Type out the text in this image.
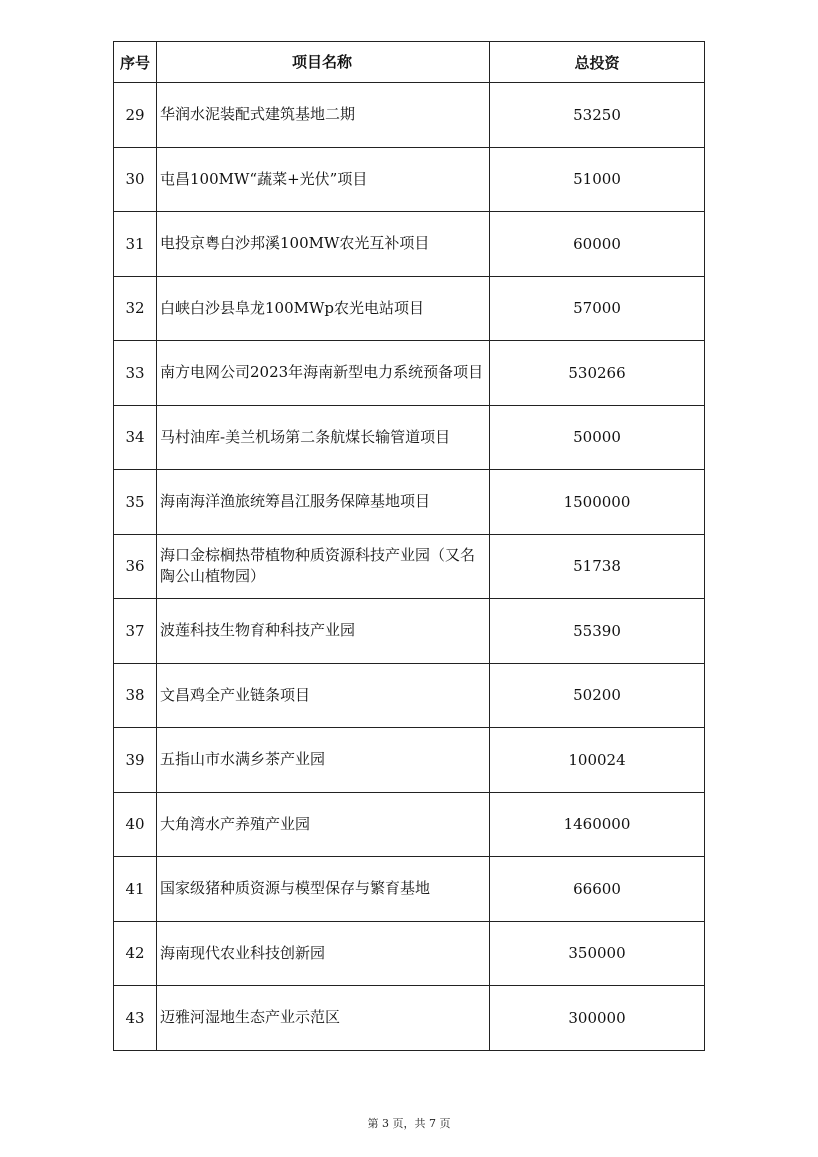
序号	项目名称	总投资
29	华润水泥装配式建筑基地二期	53250
30	屯昌100MW“蔬菜+光伏”项目	51000
31	电投京粤白沙邦溪100MW农光互补项目	60000
32	白峡白沙县阜龙100MWp农光电站项目	57000
33	南方电网公司2023年海南新型电力系统预备项目	530266
34	马村油库-美兰机场第二条航煤长输管道项目	50000
35	海南海洋渔旅统筹昌江服务保障基地项目	1500000
36	海口金棕榈热带植物种质资源科技产业园（又名陶公山植物园）	51738
37	波莲科技生物育种科技产业园	55390
38	文昌鸡全产业链条项目	50200
39	五指山市水满乡茶产业园	100024
40	大角湾水产养殖产业园	1460000
41	国家级猪种质资源与模型保存与繁育基地	66600
42	海南现代农业科技创新园	350000
43	迈雅河湿地生态产业示范区	300000
第 3 页，共 7 页
